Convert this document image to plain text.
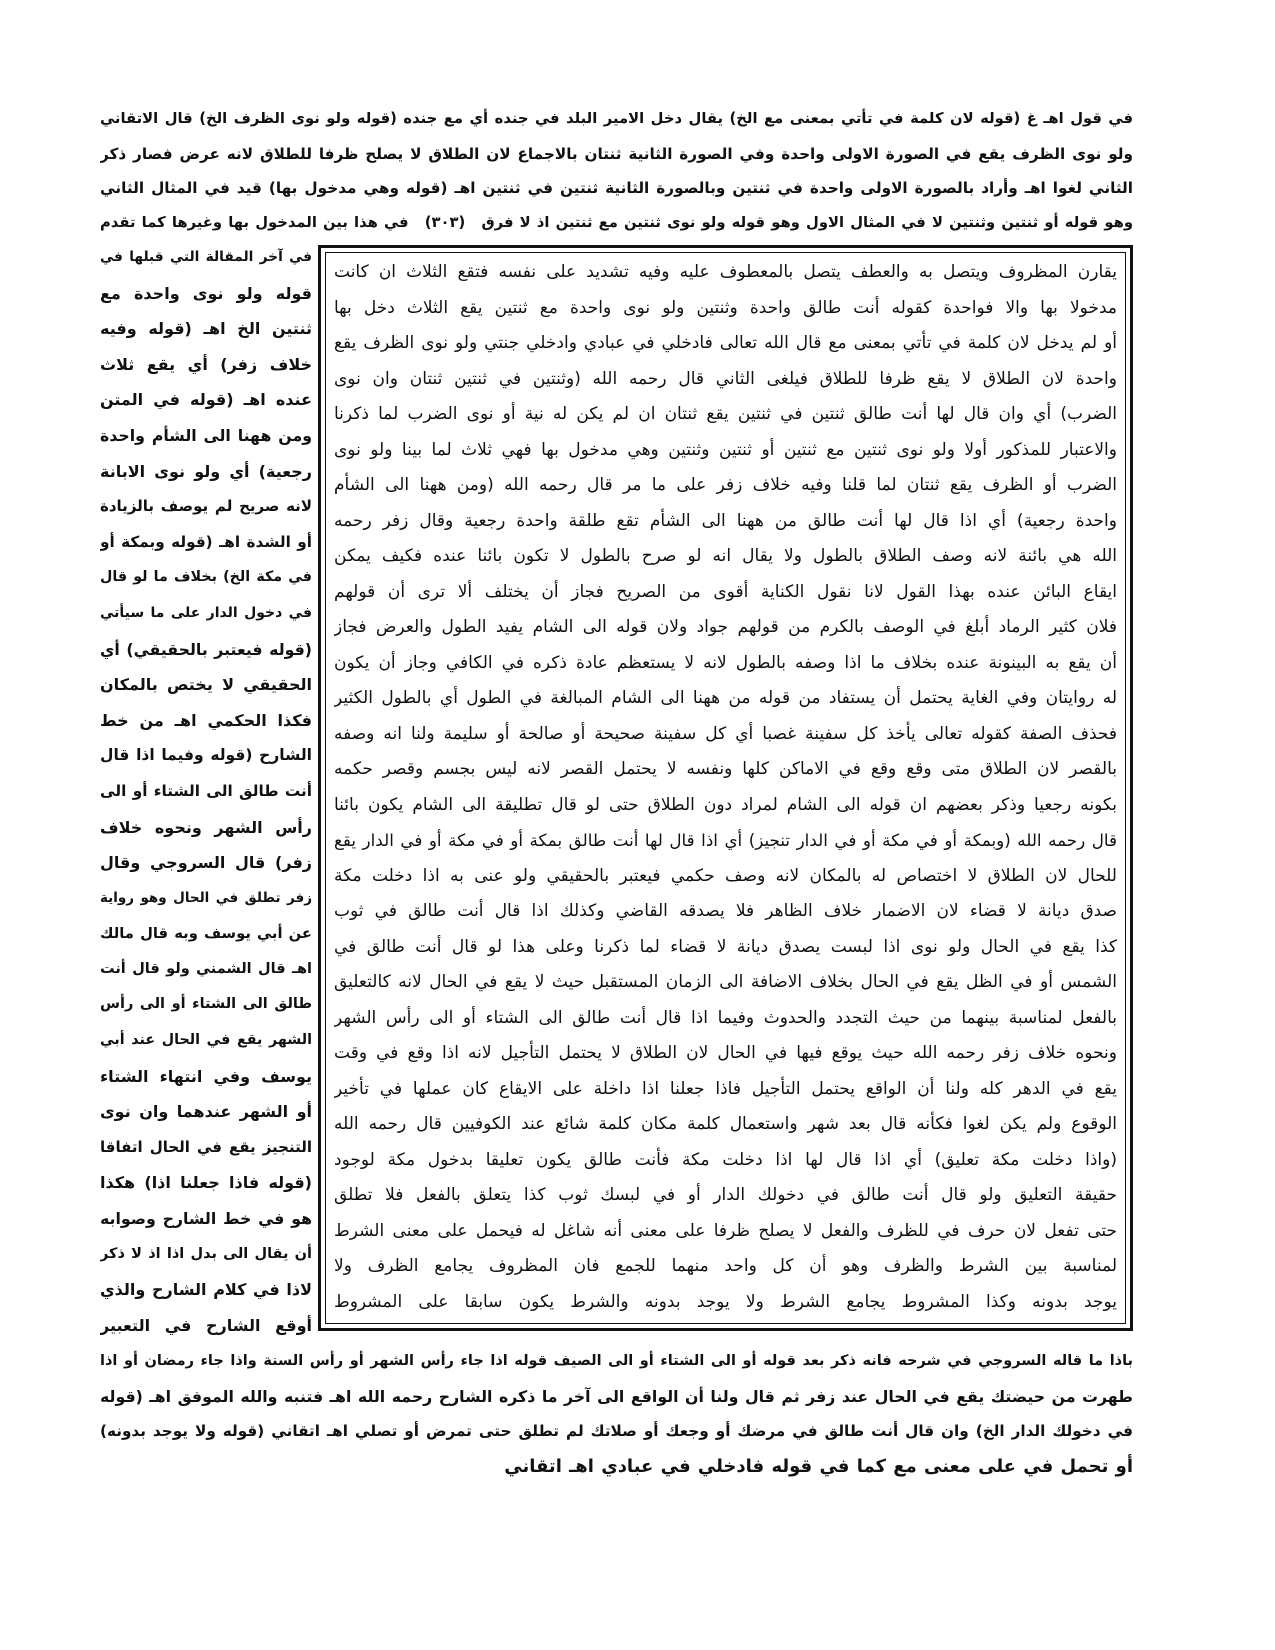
في قول اهـ غ (قوله لان كلمة في تأتي بمعنى مع الخ) يقال دخل الامير البلد في جنده أي مع جنده (قوله ولو نوى الظرف الخ) قال الاتقاني
ولو نوى الظرف يقع في الصورة الاولى واحدة وفي الصورة الثانية ثنتان بالاجماع لان الطلاق لا يصلح ظرفا للطلاق لانه عرض فصار ذكر
الثاني لغوا اهـ وأراد بالصورة الاولى واحدة في ثنتين وبالصورة الثانية ثنتين في ثنتين اهـ (قوله وهي مدخول بها) قيد في المثال الثاني
وهو قوله أو ثنتين وثنتين لا في المثال الاول وهو قوله ولو نوى ثنتين مع ثنتين اذ لا فرق (٣٠٣) في هذا بين المدخول بها وغيرها كما تقدم
يقارن المظروف ويتصل به والعطف يتصل بالمعطوف عليه وفيه تشديد على نفسه فتقع الثلاث ان كانت
مدخولا بها والا فواحدة كقوله أنت طالق واحدة وثنتين ولو نوى واحدة مع ثنتين يقع الثلاث دخل بها
أو لم يدخل لان كلمة في تأتي بمعنى مع قال الله تعالى فادخلي في عبادي وادخلي جنتي ولو نوى الظرف يقع
واحدة لان الطلاق لا يقع ظرفا للطلاق فيلغى الثاني قال رحمه الله (وثنتين في ثنتين ثنتان وان نوى
الضرب) أي وان قال لها أنت طالق ثنتين في ثنتين يقع ثنتان ان لم يكن له نية أو نوى الضرب لما ذكرنا
والاعتبار للمذكور أولا ولو نوى ثنتين مع ثنتين أو ثنتين وثنتين وهي مدخول بها فهي ثلاث لما بينا ولو نوى
الضرب أو الظرف يقع ثنتان لما قلنا وفيه خلاف زفر على ما مر قال رحمه الله (ومن ههنا الى الشأم
واحدة رجعية) أي اذا قال لها أنت طالق من ههنا الى الشأم تقع طلقة واحدة رجعية وقال زفر رحمه
الله هي بائنة لانه وصف الطلاق بالطول ولا يقال انه لو صرح بالطول لا تكون بائنا عنده فكيف يمكن
ايقاع البائن عنده بهذا القول لانا نقول الكناية أقوى من الصريح فجاز أن يختلف ألا ترى أن قولهم
فلان كثير الرماد أبلغ في الوصف بالكرم من قولهم جواد ولان قوله الى الشام يفيد الطول والعرض فجاز
أن يقع به البينونة عنده بخلاف ما اذا وصفه بالطول لانه لا يستعظم عادة ذكره في الكافي وجاز أن يكون
له روايتان وفي الغاية يحتمل أن يستفاد من قوله من ههنا الى الشام المبالغة في الطول أي بالطول الكثير
فحذف الصفة كقوله تعالى يأخذ كل سفينة غصبا أي كل سفينة صحيحة أو صالحة أو سليمة ولنا انه وصفه
بالقصر لان الطلاق متى وقع وقع في الاماكن كلها ونفسه لا يحتمل القصر لانه ليس بجسم وقصر حكمه
بكونه رجعيا وذكر بعضهم ان قوله الى الشام لمراد دون الطلاق حتى لو قال تطليقة الى الشام يكون بائنا
قال رحمه الله (وبمكة أو في مكة أو في الدار تنجيز) أي اذا قال لها أنت طالق بمكة أو في مكة أو في الدار يقع
للحال لان الطلاق لا اختصاص له بالمكان لانه وصف حكمي فيعتبر بالحقيقي ولو عنى به اذا دخلت مكة
صدق ديانة لا قضاء لان الاضمار خلاف الظاهر فلا يصدقه القاضي وكذلك اذا قال أنت طالق في ثوب
كذا يقع في الحال ولو نوى اذا لبست يصدق ديانة لا قضاء لما ذكرنا وعلى هذا لو قال أنت طالق في
الشمس أو في الظل يقع في الحال بخلاف الاضافة الى الزمان المستقبل حيث لا يقع في الحال لانه كالتعليق
بالفعل لمناسبة بينهما من حيث التجدد والحدوث وفيما اذا قال أنت طالق الى الشتاء أو الى رأس الشهر
ونحوه خلاف زفر رحمه الله حيث يوقع فيها في الحال لان الطلاق لا يحتمل التأجيل لانه اذا وقع في وقت
يقع في الدهر كله ولنا أن الواقع يحتمل التأجيل فاذا جعلنا اذا داخلة على الايقاع كان عملها في تأخير
الوقوع ولم يكن لغوا فكأنه قال بعد شهر واستعمال كلمة مكان كلمة شائع عند الكوفيين قال رحمه الله
(واذا دخلت مكة تعليق) أي اذا قال لها اذا دخلت مكة فأنت طالق يكون تعليقا بدخول مكة لوجود
حقيقة التعليق ولو قال أنت طالق في دخولك الدار أو في لبسك ثوب كذا يتعلق بالفعل فلا تطلق
حتى تفعل لان حرف في للظرف والفعل لا يصلح ظرفا على معنى أنه شاغل له فيحمل على معنى الشرط
لمناسبة بين الشرط والظرف وهو أن كل واحد منهما للجمع فان المظروف يجامع الظرف ولا
يوجد بدونه وكذا المشروط يجامع الشرط ولا يوجد بدونه والشرط يكون سابقا على المشروط
في آخر المقالة التي قبلها في
قوله ولو نوى واحدة مع
ثنتين الخ اهـ (قوله وفيه
خلاف زفر) أي يقع ثلاث
عنده اهـ (قوله في المتن
ومن ههنا الى الشأم واحدة
رجعية) أي ولو نوى الابانة
لانه صريح لم يوصف بالزيادة
أو الشدة اهـ (قوله وبمكة أو
في مكة الخ) بخلاف ما لو قال
في دخول الدار على ما سيأتي
(قوله فيعتبر بالحقيقي) أي
الحقيقي لا يختص بالمكان
فكذا الحكمي اهـ من خط
الشارح (قوله وفيما اذا قال
أنت طالق الى الشتاء أو الى
رأس الشهر ونحوه خلاف
زفر) قال السروجي وقال
زفر تطلق في الحال وهو رواية
عن أبي يوسف وبه قال مالك
اهـ قال الشمني ولو قال أنت
طالق الى الشتاء أو الى رأس
الشهر يقع في الحال عند أبي
يوسف وفي انتهاء الشتاء
أو الشهر عندهما وان نوى
التنجيز يقع في الحال اتفاقا
(قوله فاذا جعلنا اذا) هكذا
هو في خط الشارح وصوابه
أن يقال الى بدل اذا اذ لا ذكر
لاذا في كلام الشارح والذي
أوقع الشارح في التعبير
باذا ما قاله السروجي في شرحه فانه ذكر بعد قوله أو الى الشتاء أو الى الصيف قوله اذا جاء رأس الشهر أو رأس السنة واذا جاء رمضان أو اذا
طهرت من حيضتك يقع في الحال عند زفر ثم قال ولنا أن الواقع الى آخر ما ذكره الشارح رحمه الله اهـ فتنبه والله الموفق اهـ (قوله
في دخولك الدار الخ) وان قال أنت طالق في مرضك أو وجعك أو صلاتك لم تطلق حتى تمرض أو تصلي اهـ اتقاني (قوله ولا يوجد بدونه)
أو تحمل في على معنى مع كما في قوله فادخلي في عبادي اهـ اتقاني
